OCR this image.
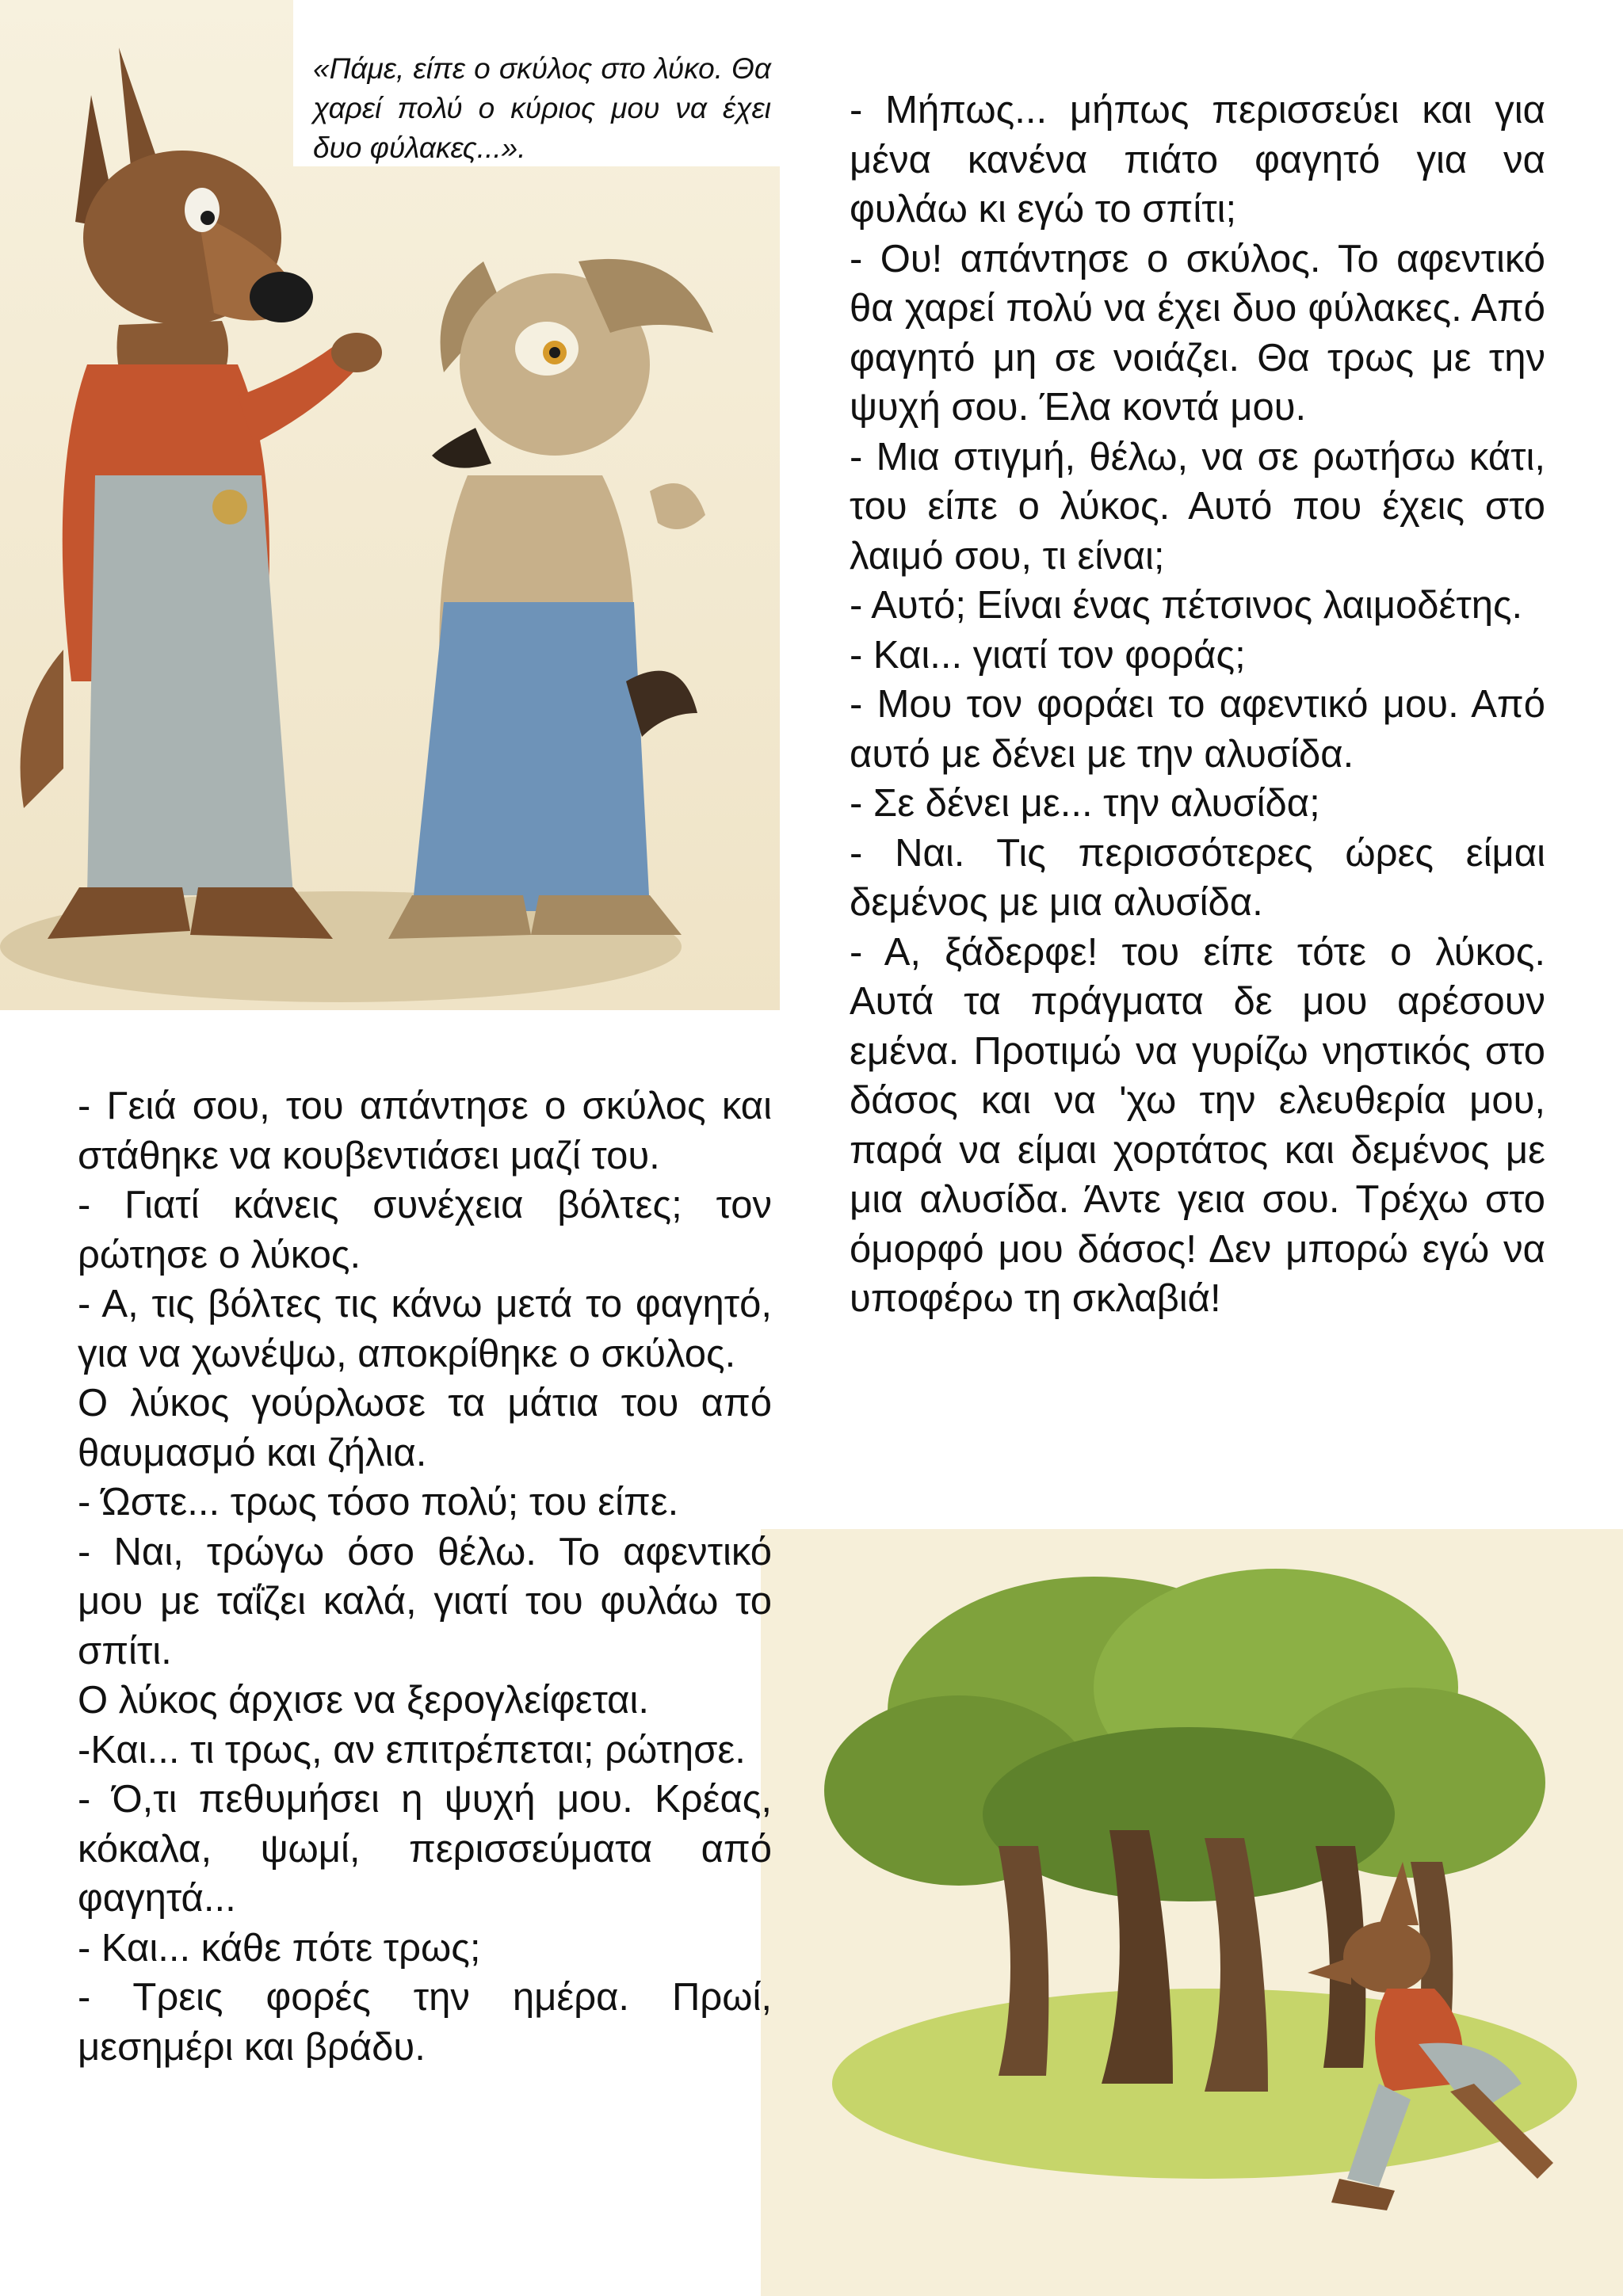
«Πάμε, είπε ο σκύλος στο λύκο. Θα χαρεί πολύ ο κύριος μου να έχει δυο φύλακες...».

- Μήπως... μήπως περισσεύει και για μένα κανένα πιάτο φαγητό για να φυλάω κι εγώ το σπίτι;

- Ου! απάντησε ο σκύλος. Το αφεντικό θα χαρεί πολύ να έχει δυο φύλακες. Από φαγητό μη σε νοιάζει. Θα τρως με την ψυχή σου. Έλα κοντά μου.

- Μια στιγμή, θέλω, να σε ρωτήσω κάτι, του είπε ο λύκος. Αυτό που έχεις στο λαιμό σου, τι είναι;

- Αυτό; Είναι ένας πέτσινος λαιμοδέτης.

- Και... γιατί τον φοράς;

- Μου τον φοράει το αφεντικό μου. Από αυτό με δένει με την αλυσίδα.

- Σε δένει με... την αλυσίδα;

- Ναι. Τις περισσότερες ώρες είμαι δεμένος με μια αλυσίδα.

- Α, ξάδερφε! του είπε τότε ο λύκος. Αυτά τα πράγματα δε μου αρέσουν εμένα. Προτιμώ να γυρίζω νηστικός στο δάσος και να 'χω την ελευθερία μου, παρά να είμαι χορτάτος και δεμένος με μια αλυσίδα. Άντε γεια σου. Τρέχω στο όμορφό μου δάσος! Δεν μπορώ εγώ να υποφέρω τη σκλαβιά!

- Γειά σου, του απάντησε ο σκύλος και στάθηκε να κουβεντιάσει μαζί του.

- Γιατί κάνεις συνέχεια βόλτες; τον ρώτησε ο λύκος.

- Α, τις βόλτες τις κάνω μετά το φαγητό, για να χωνέψω, αποκρίθηκε ο σκύλος.

Ο λύκος γούρλωσε τα μάτια του από θαυμασμό και ζήλια.

- Ώστε... τρως τόσο πολύ; του είπε.

- Ναι, τρώγω όσο θέλω. Το αφεντικό μου με ταΐζει καλά, γιατί του φυλάω το σπίτι.

Ο λύκος άρχισε να ξερογλείφεται.

-Και... τι τρως, αν επιτρέπεται; ρώτησε.

- Ό,τι πεθυμήσει η ψυχή μου. Κρέας, κόκαλα, ψωμί, περισσεύματα από φαγητά...

- Και... κάθε πότε τρως;

- Τρεις φορές την ημέρα. Πρωί, μεσημέρι και βράδυ.
